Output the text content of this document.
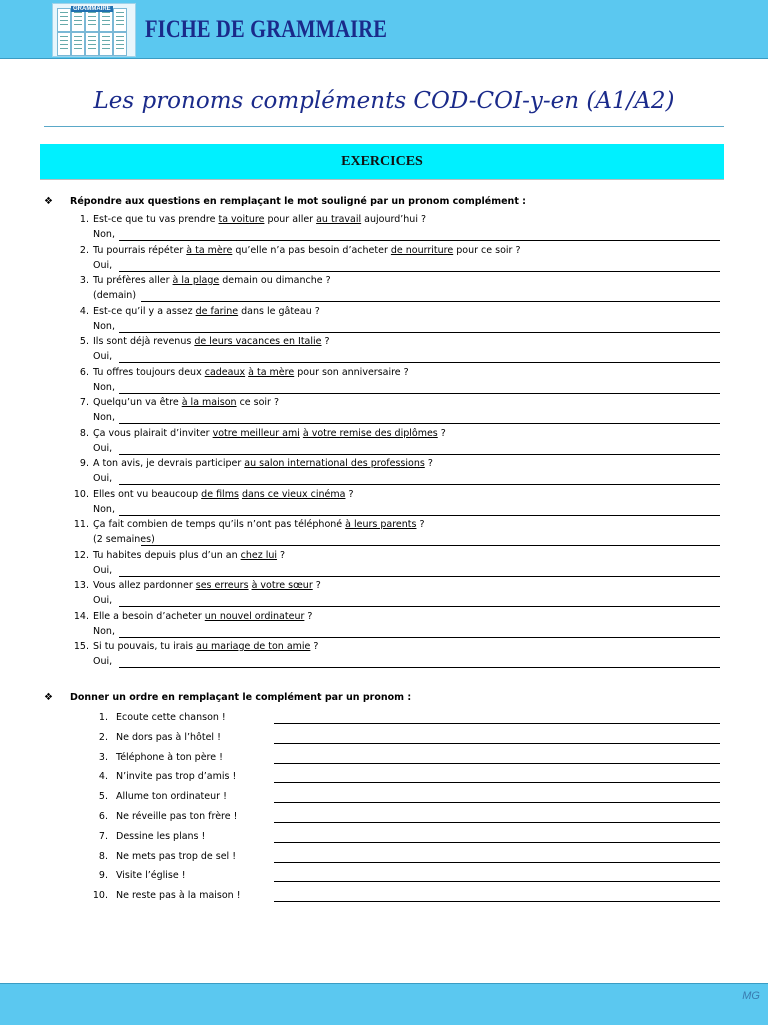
GRAMMAIRE
FICHE DE GRAMMAIRE
Les pronoms compléments COD-COI-y-en (A1/A2)
EXERCICES
❖ Répondre aux questions en remplaçant le mot souligné par un pronom complément :
1. Est-ce que tu vas prendre ta voiture pour aller au travail aujourd’hui ?
Non,
2. Tu pourrais répéter à ta mère qu’elle n’a pas besoin d’acheter de nourriture pour ce soir ?
Oui,
3. Tu préfères aller à la plage demain ou dimanche ?
(demain)
4. Est-ce qu’il y a assez de farine dans le gâteau ?
Non,
5. Ils sont déjà revenus de leurs vacances en Italie ?
Oui,
6. Tu offres toujours deux cadeaux à ta mère pour son anniversaire ?
Non,
7. Quelqu’un va être à la maison ce soir ?
Non,
8. Ça vous plairait d’inviter votre meilleur ami à votre remise des diplômes ?
Oui,
9. A ton avis, je devrais participer au salon international des professions ?
Oui,
10. Elles ont vu beaucoup de films dans ce vieux cinéma ?
Non,
11. Ça fait combien de temps qu’ils n’ont pas téléphoné à leurs parents ?
(2 semaines)
12. Tu habites depuis plus d’un an chez lui ?
Oui,
13. Vous allez pardonner ses erreurs à votre sœur ?
Oui,
14. Elle a besoin d’acheter un nouvel ordinateur ?
Non,
15. Si tu pouvais, tu irais au mariage de ton amie ?
Oui,
❖ Donner un ordre en remplaçant le complément par un pronom :
1. Ecoute cette chanson !
2. Ne dors pas à l’hôtel !
3. Téléphone à ton père !
4. N’invite pas trop d’amis !
5. Allume ton ordinateur !
6. Ne réveille pas ton frère !
7. Dessine les plans !
8. Ne mets pas trop de sel !
9. Visite l’église !
10. Ne reste pas à la maison !
MG
